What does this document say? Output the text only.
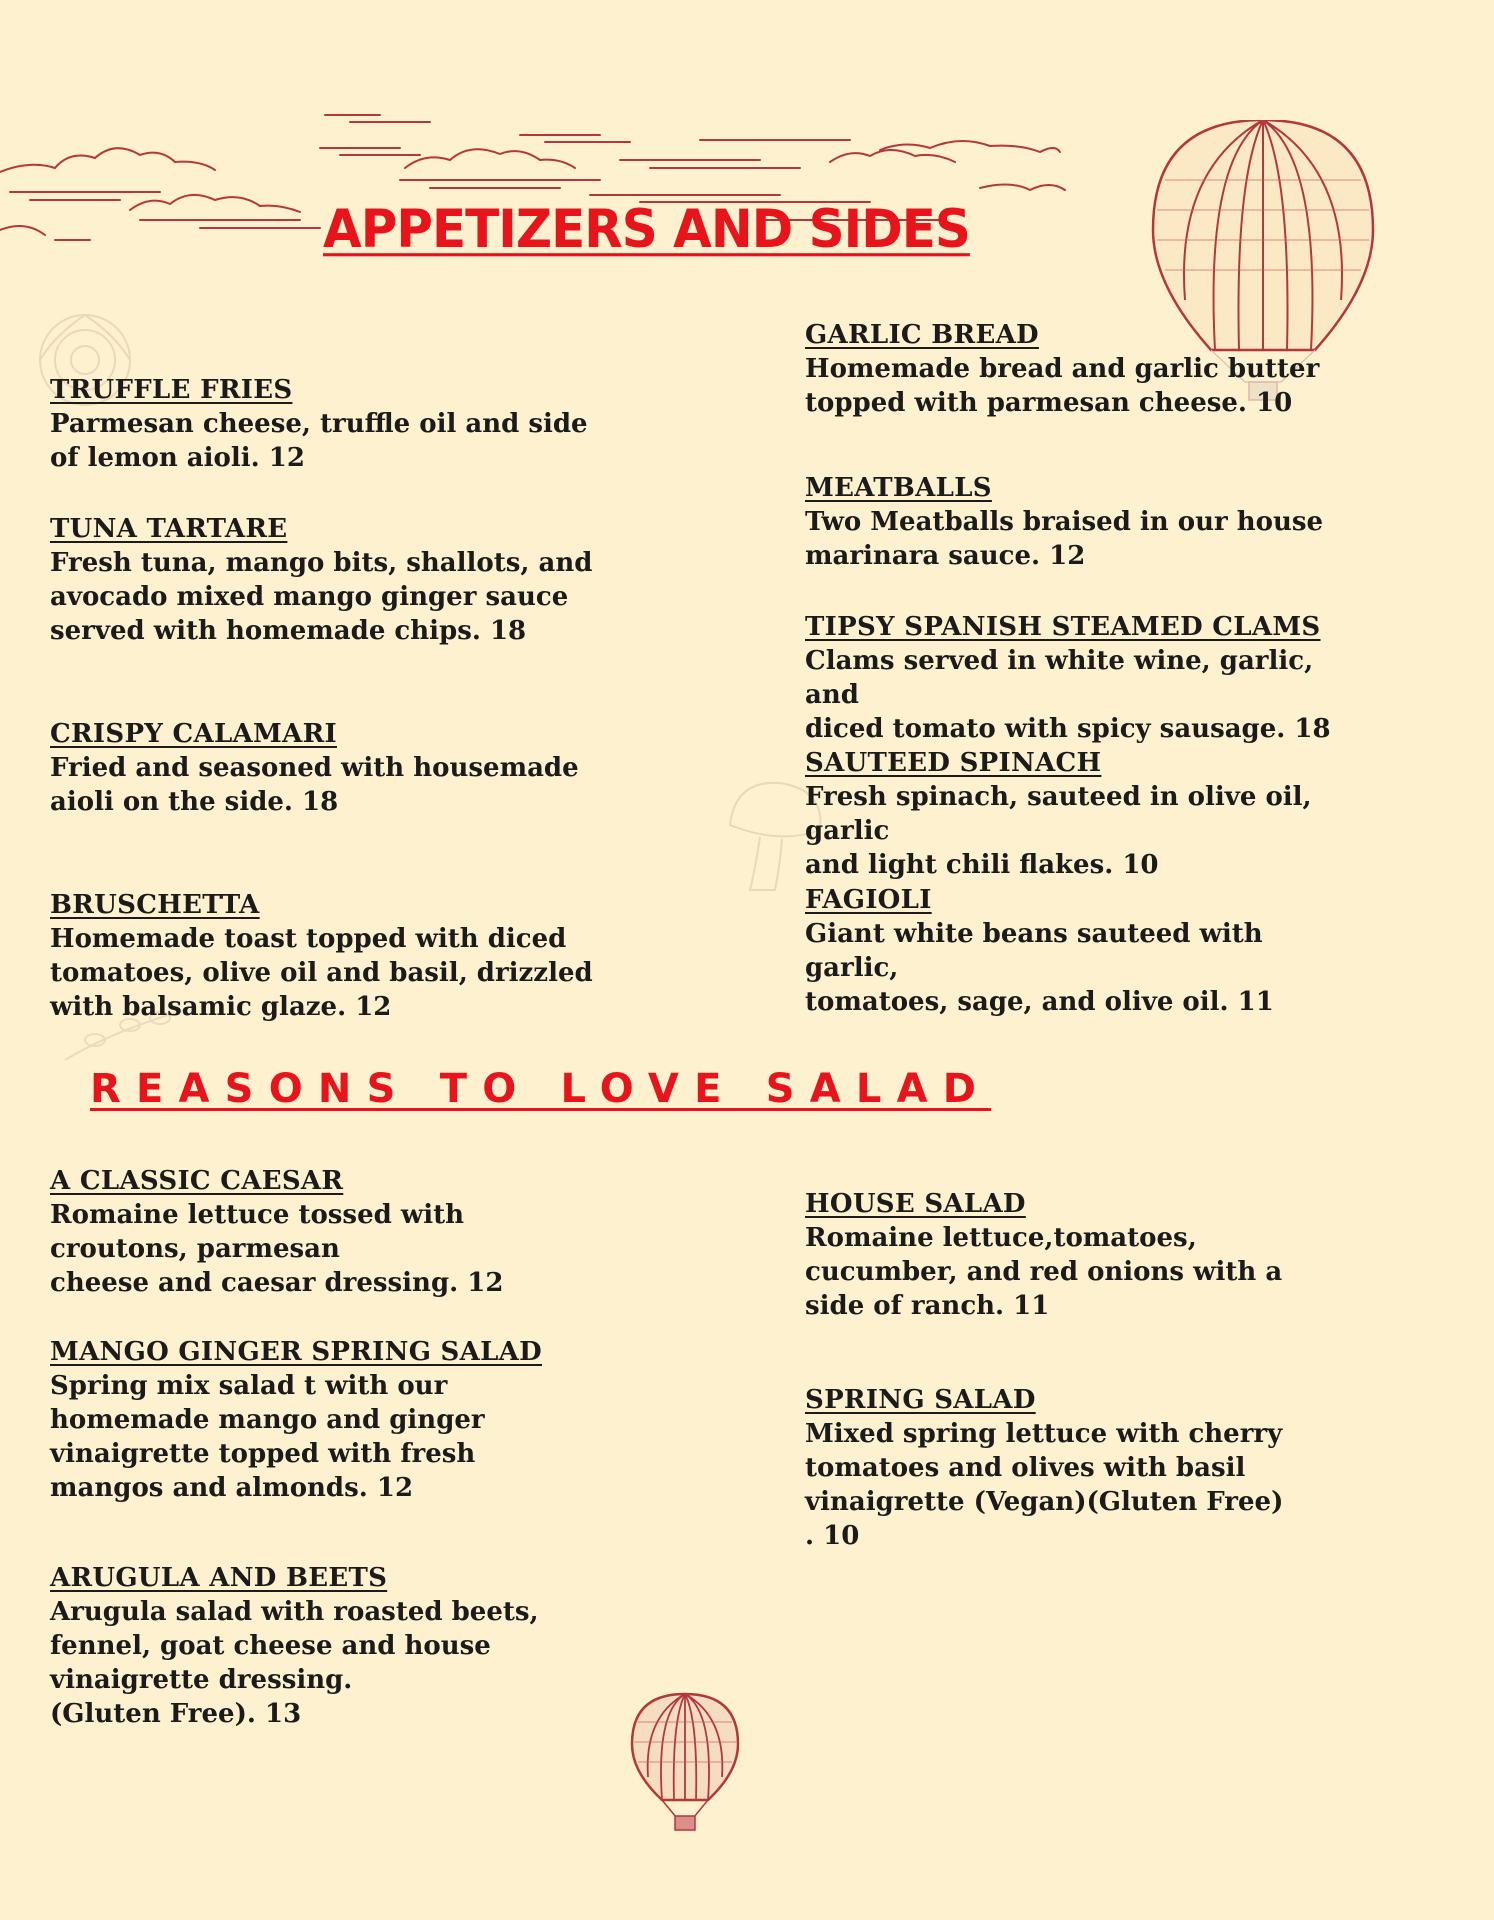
APPETIZERS AND SIDES
REASONS TO LOVE SALAD
TRUFFLE FRIES
Parmesan cheese, truffle oil and side
of lemon aioli. 12
TUNA TARTARE
Fresh tuna, mango bits, shallots, and
avocado mixed mango ginger sauce
served with homemade chips. 18
CRISPY CALAMARI
Fried and seasoned with housemade
aioli on the side. 18
BRUSCHETTA
Homemade toast topped with diced
tomatoes, olive oil and basil, drizzled
with balsamic glaze. 12
GARLIC BREAD
Homemade bread and garlic butter
topped with parmesan cheese. 10
MEATBALLS
Two Meatballs braised in our house
marinara sauce. 12
TIPSY SPANISH STEAMED CLAMS
Clams served in white wine, garlic, and
diced tomato with spicy sausage. 18
SAUTEED SPINACH
Fresh spinach, sauteed in olive oil, garlic
and light chili flakes. 10
FAGIOLI
Giant white beans sauteed with garlic,
tomatoes, sage, and olive oil. 11
A CLASSIC CAESAR
Romaine lettuce tossed with
croutons, parmesan
cheese and caesar dressing. 12
MANGO GINGER SPRING SALAD
Spring mix salad t with our
homemade mango and ginger
vinaigrette topped with fresh
mangos and almonds. 12
ARUGULA AND BEETS
Arugula salad with roasted beets,
fennel, goat cheese and house
vinaigrette dressing.
(Gluten Free). 13
HOUSE SALAD
Romaine lettuce,tomatoes,
cucumber, and red onions with a
side of ranch. 11
SPRING SALAD
Mixed spring lettuce with cherry
tomatoes and olives with basil
vinaigrette (Vegan)(Gluten Free)
. 10
